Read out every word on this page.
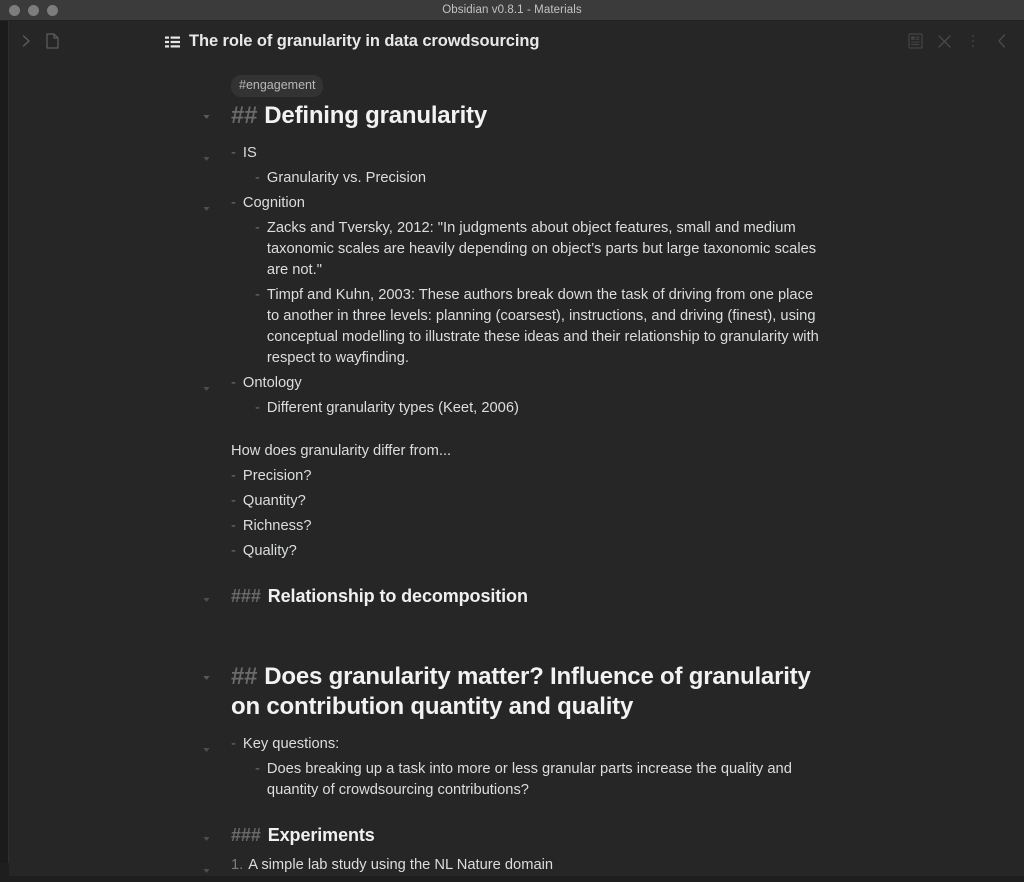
Obsidian v0.8.1 - Materials
The role of granularity in data crowdsourcing
#engagement
## Defining granularity
- IS
- Granularity vs. Precision
- Cognition
- Zacks and Tversky, 2012: "In judgments about object features, small and medium taxonomic scales are heavily depending on object’s parts but large taxonomic scales are not."
- Timpf and Kuhn, 2003: These authors break down the task of driving from one place to another in three levels: planning (coarsest), instructions, and driving (finest), using conceptual modelling to illustrate these ideas and their relationship to granularity with respect to wayfinding.
- Ontology
- Different granularity types (Keet, 2006)
How does granularity differ from...
- Precision?
- Quantity?
- Richness?
- Quality?
### Relationship to decomposition
## Does granularity matter? Influence of granularity on contribution quantity and quality
- Key questions:
- Does breaking up a task into more or less granular parts increase the quality and quantity of crowdsourcing contributions?
### Experiments
1. A simple lab study using the NL Nature domain
